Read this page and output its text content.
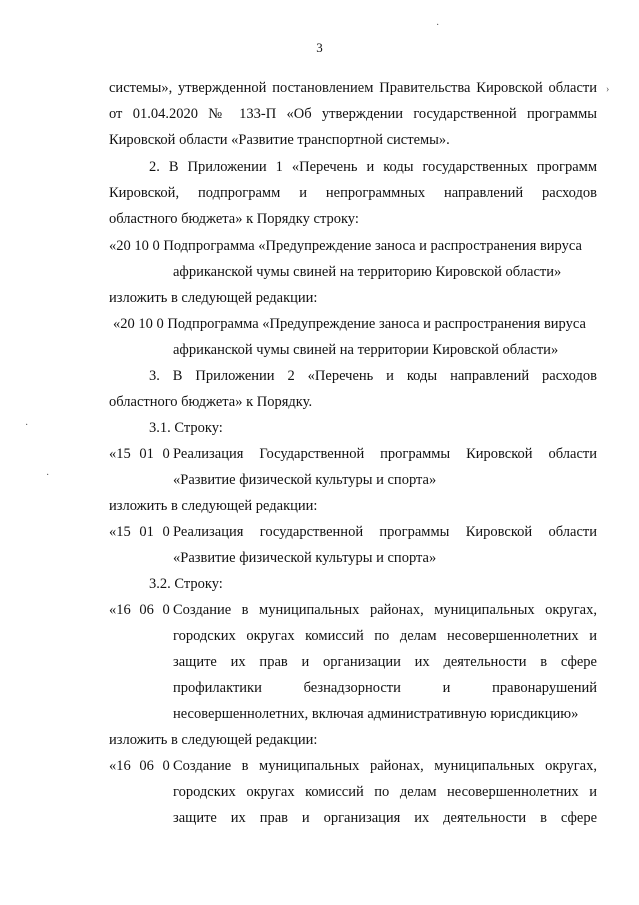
3
системы», утвержденной постановлением Правительства Кировской области
от 01.04.2020 № 133-П «Об утверждении государственной программы
Кировской области «Развитие транспортной системы».
2. В Приложении 1 «Перечень и коды государственных программ
Кировской, подпрограмм и непрограммных направлений расходов
областного бюджета» к Порядку строку:
«20 10 0 Подпрограмма «Предупреждение заноса и распространения вируса
африканской чумы свиней на территорию Кировской области»
изложить в следующей редакции:
«20 10 0 Подпрограмма «Предупреждение заноса и распространения вируса
африканской чумы свиней на территории Кировской области»
3. В Приложении 2 «Перечень и коды направлений расходов
областного бюджета» к Порядку.
3.1. Строку:
«15 01 0 Реализация Государственной программы Кировской области
«Развитие физической культуры и спорта»
изложить в следующей редакции:
«15 01 0 Реализация государственной программы Кировской области
«Развитие физической культуры и спорта»
3.2. Строку:
«16 06 0 Создание в муниципальных районах, муниципальных округах,
городских округах комиссий по делам несовершеннолетних и
защите их прав и организации их деятельности в сфере
профилактики безнадзорности и правонарушений
несовершеннолетних, включая административную юрисдикцию»
изложить в следующей редакции:
«16 06 0 Создание в муниципальных районах, муниципальных округах,
городских округах комиссий по делам несовершеннолетних и
защите их прав и организация их деятельности в сфере
›
·
·
·
